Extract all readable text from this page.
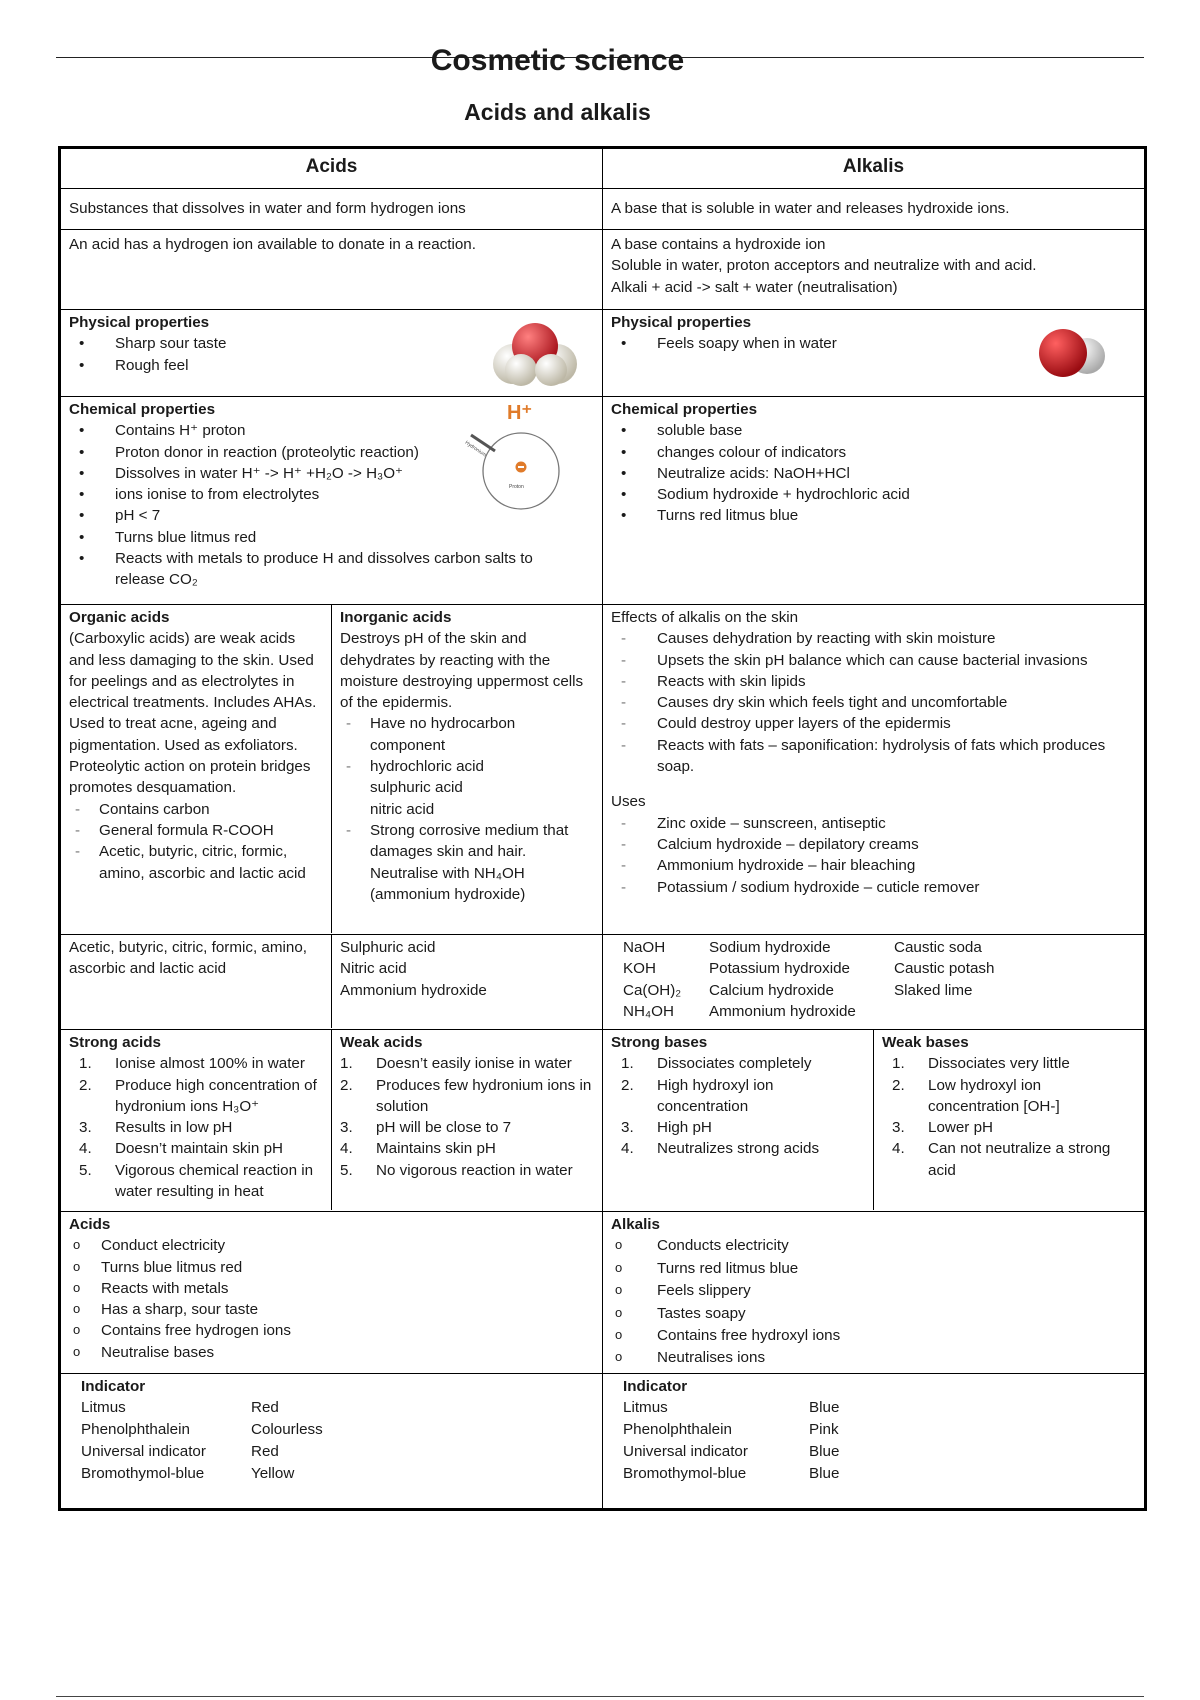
Cosmetic science
Acids and alkalis
Acids	Alkalis
Substances that dissolves in water and form hydrogen ions	A base that is soluble in water and releases hydroxide ions.
An acid has a hydrogen ion available to donate in a reaction.	A base contains a hydroxide ion
Soluble in water, proton acceptors and neutralize with and acid.
Alkali + acid -> salt + water (neutralisation)

Physical properties
• Sharp sour taste
• Rough feel

Physical properties
• Feels soapy when in water

Chemical properties
• Contains H⁺ proton
• Proton donor in reaction (proteolytic reaction)
• Dissolves in water H⁺ -> H⁺ +H₂O -> H₃O⁺
• ions ionise to from electrolytes
• pH < 7
• Turns blue litmus red
• Reacts with metals to produce H and dissolves carbon salts to release CO₂
H⁺
Proton
Hydronium

Chemical properties
• soluble base
• changes colour of indicators
• Neutralize acids: NaOH+HCl
• Sodium hydroxide + hydrochloric acid
• Turns red litmus blue

Organic acids
(Carboxylic acids) are weak acids and less damaging to the skin. Used for peelings and as electrolytes in electrical treatments. Includes AHAs. Used to treat acne, ageing and pigmentation. Used as exfoliators. Proteolytic action on protein bridges promotes desquamation.
- Contains carbon
- General formula R-COOH
- Acetic, butyric, citric, formic, amino, ascorbic and lactic acid

Inorganic acids
Destroys pH of the skin and dehydrates by reacting with the moisture destroying uppermost cells of the epidermis.
- Have no hydrocarbon component
- hydrochloric acid
sulphuric acid
nitric acid
- Strong corrosive medium that damages skin and hair.
Neutralise with NH₄OH (ammonium hydroxide)

Effects of alkalis on the skin
- Causes dehydration by reacting with skin moisture
- Upsets the skin pH balance which can cause bacterial invasions
- Reacts with skin lipids
- Causes dry skin which feels tight and uncomfortable
- Could destroy upper layers of the epidermis
- Reacts with fats – saponification: hydrolysis of fats which produces soap.
Uses
- Zinc oxide – sunscreen, antiseptic
- Calcium hydroxide – depilatory creams
- Ammonium hydroxide – hair bleaching
- Potassium / sodium hydroxide – cuticle remover

Acetic, butyric, citric, formic, amino, ascorbic and lactic acid	
Sulphuric acid
Nitric acid
Ammonium hydroxide

NaOH	Sodium hydroxide	Caustic soda
KOH	Potassium hydroxide	Caustic potash
Ca(OH)₂	Calcium hydroxide	Slaked lime
NH₄OH	Ammonium hydroxide	

Strong acids
1. Ionise almost 100% in water
2. Produce high concentration of hydronium ions H₃O⁺
3. Results in low pH
4. Doesn’t maintain skin pH
5. Vigorous chemical reaction in water resulting in heat

Weak acids
1. Doesn’t easily ionise in water
2. Produces few hydronium ions in solution
3. pH will be close to 7
4. Maintains skin pH
5. No vigorous reaction in water

Strong bases
1. Dissociates completely
2. High hydroxyl ion concentration
3. High pH
4. Neutralizes strong acids

Weak bases
1. Dissociates very little
2. Low hydroxyl ion concentration [OH-]
3. Lower pH
4. Can not neutralize a strong acid

Acids
o Conduct electricity
o Turns blue litmus red
o Reacts with metals
o Has a sharp, sour taste
o Contains free hydrogen ions
o Neutralise bases

Alkalis
o Conducts electricity
o Turns red litmus blue
o Feels slippery
o Tastes soapy
o Contains free hydroxyl ions
o Neutralises ions

Indicator
Litmus	Red
Phenolphthalein	Colourless
Universal indicator	Red
Bromothymol-blue	Yellow

Indicator
Litmus	Blue
Phenolphthalein	Pink
Universal indicator	Blue
Bromothymol-blue	Blue
